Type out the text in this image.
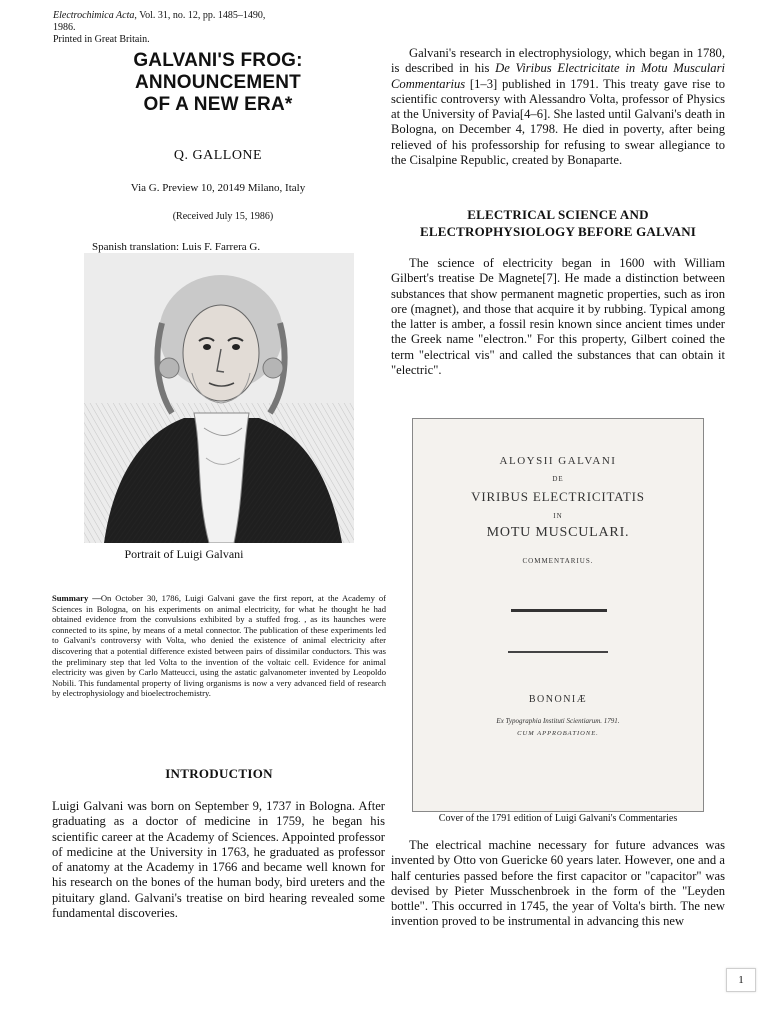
Electrochimica Acta, Vol. 31, no. 12, pp. 1485–1490,
1986.
Printed in Great Britain.
GALVANI'S FROG:
ANNOUNCEMENT
OF A NEW ERA*
Q. GALLONE
Via G. Preview 10, 20149 Milano, Italy
(Received July 15, 1986)
Spanish translation: Luis F. Farrera G.
Portrait of Luigi Galvani
Summary —On October 30, 1786, Luigi Galvani gave the first report, at the Academy of Sciences in Bologna, on his experiments on animal electricity, for what he thought he had obtained evidence from the convulsions exhibited by a stuffed frog. , as its haunches were connected to its spine, by means of a metal connector. The publication of these experiments led to Galvani's controversy with Volta, who denied the existence of animal electricity after discovering that a potential difference existed between pairs of dissimilar conductors. This was the preliminary step that led Volta to the invention of the voltaic cell. Evidence for animal electricity was given by Carlo Matteucci, using the astatic galvanometer invented by Leopoldo Nobili. This fundamental property of living organisms is now a very advanced field of research by electrophysiology and bioelectrochemistry.
INTRODUCTION
Luigi Galvani was born on September 9, 1737 in Bologna. After graduating as a doctor of medicine in 1759, he began his scientific career at the Academy of Sciences. Appointed professor of medicine at the University in 1763, he graduated as professor of anatomy at the Academy in 1766 and became well known for his research on the bones of the human body, bird ureters and the pituitary gland. Galvani's treatise on bird hearing revealed some fundamental discoveries.
Galvani's research in electrophysiology, which began in 1780, is described in his De Viribus Electricitate in Motu Musculari Commentarius [1–3] published in 1791. This treaty gave rise to scientific controversy with Alessandro Volta, professor of Physics at the University of Pavia[4–6]. She lasted until Galvani's death in Bologna, on December 4, 1798. He died in poverty, after being relieved of his professorship for refusing to swear allegiance to the Cisalpine Republic, created by Bonaparte.
ELECTRICAL SCIENCE AND
ELECTROPHYSIOLOGY BEFORE GALVANI
The science of electricity began in 1600 with William Gilbert's treatise De Magnete[7]. He made a distinction between substances that show permanent magnetic properties, such as iron ore (magnet), and those that acquire it by rubbing. Typical among the latter is amber, a fossil resin known since ancient times under the Greek name "electron." For this property, Gilbert coined the term "electrical vis" and called the substances that can obtain it "electric".
ALOYSII GALVANI
DE
VIRIBUS ELECTRICITATIS
IN
MOTU MUSCULARI.
COMMENTARIUS.
BONONIÆ
Ex Typographia Instituti Scientiarum. 1791.
CUM APPROBATIONE.
Cover of the 1791 edition of Luigi Galvani's Commentaries
The electrical machine necessary for future advances was invented by Otto von Guericke 60 years later. However, one and a half centuries passed before the first capacitor or "capacitor" was devised by Pieter Musschenbroek in the form of the "Leyden bottle". This occurred in 1745, the year of Volta's birth. The new invention proved to be instrumental in advancing this new
1
